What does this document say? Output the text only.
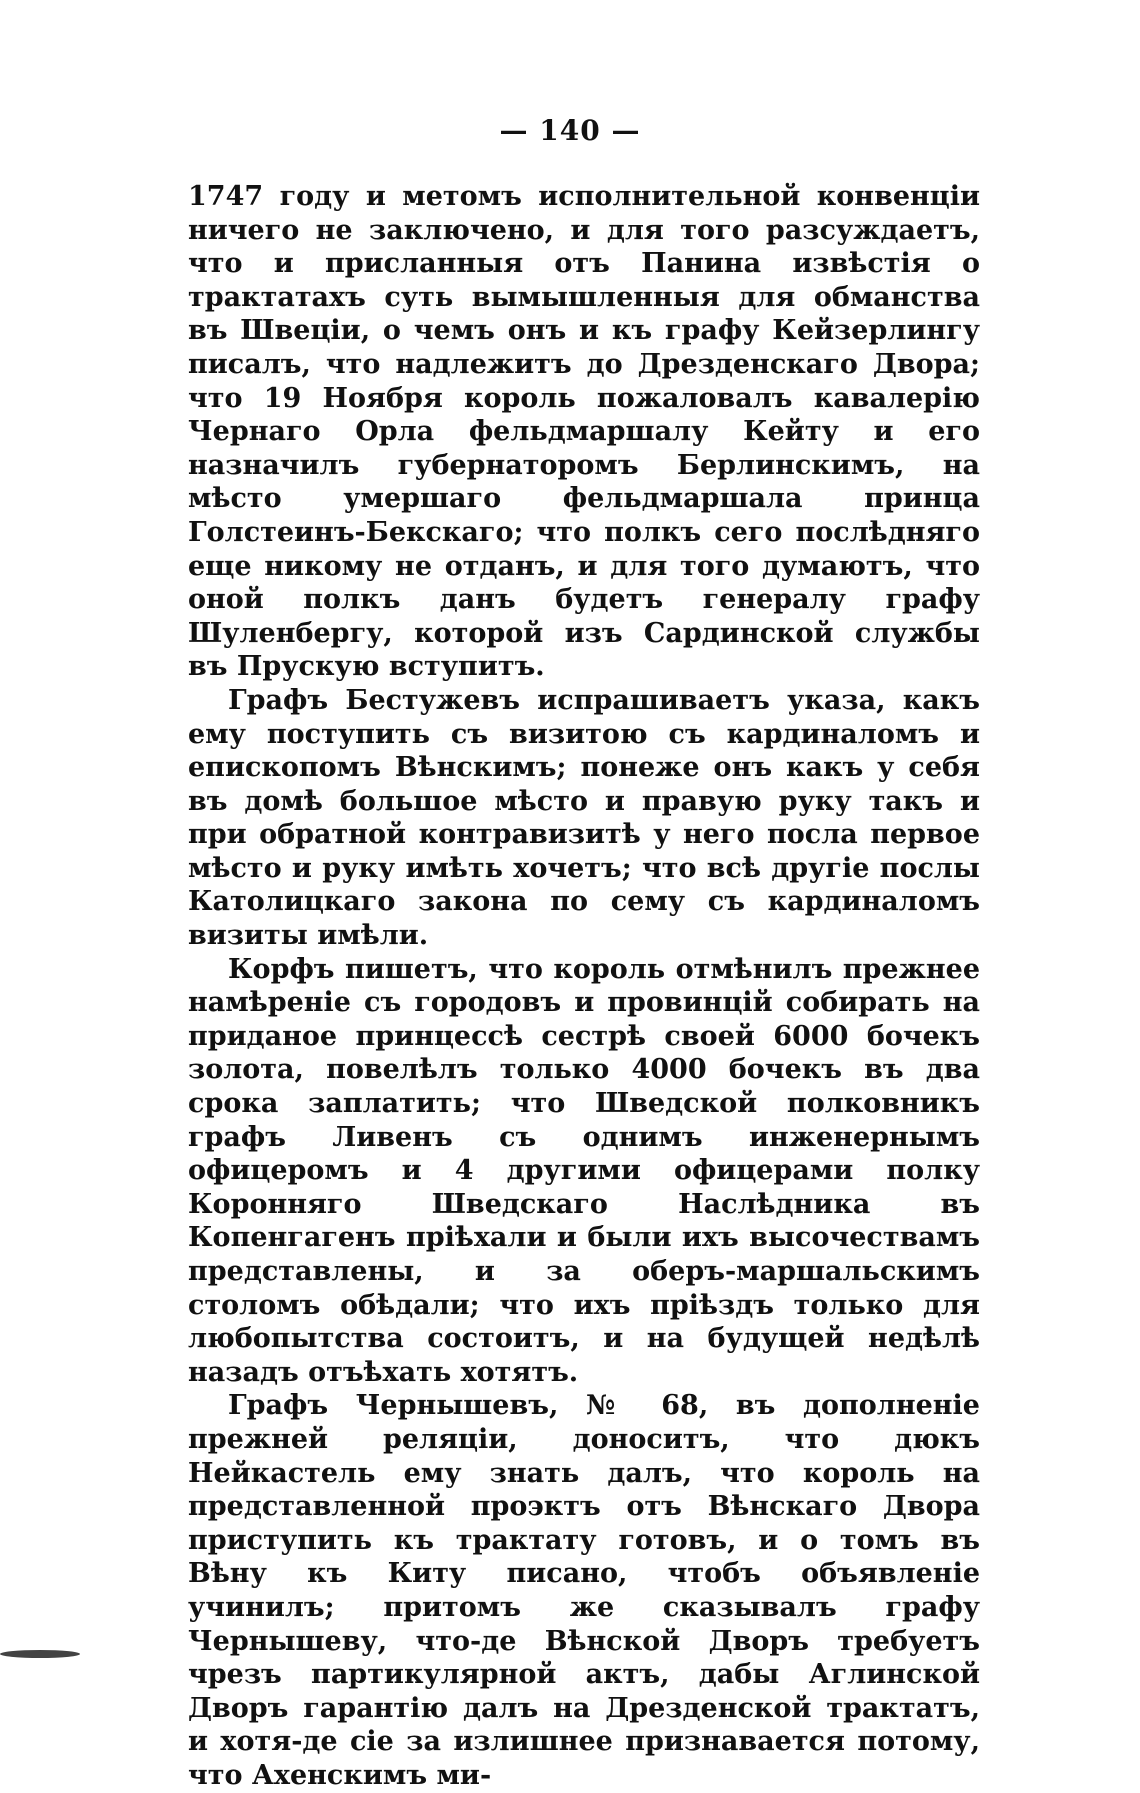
— 140 —

1747 году и метомъ исполнительной конвенціи ничего не заключено, и для того разсуждаетъ, что и присланныя отъ Панина извѣстія о трактатахъ суть вымышленныя для обманства въ Швеціи, о чемъ онъ и къ графу Кейзерлингу писалъ, что надлежитъ до Дрезденскаго Двора; что 19 Ноября король пожаловалъ кавалерію Чернаго Орла фельдмаршалу Кейту и его назначилъ губернаторомъ Берлинскимъ, на мѣсто умершаго фельдмаршала принца Голстеинъ-Бекскаго; что полкъ сего послѣдняго еще никому не отданъ, и для того думаютъ, что оной полкъ данъ будетъ генералу графу Шуленбергу, которой изъ Сардинской службы въ Прускую вступитъ.

Графъ Бестужевъ испрашиваетъ указа, какъ ему поступить съ визитою съ кардиналомъ и епископомъ Вѣнскимъ; понеже онъ какъ у себя въ домѣ большое мѣсто и правую руку такъ и при обратной контравизитѣ у него посла первое мѣсто и руку имѣть хочетъ; что всѣ другіе послы Католицкаго закона по сему съ кардиналомъ визиты имѣли.

Корфъ пишетъ, что король отмѣнилъ прежнее намѣреніе съ городовъ и провинцій собирать на приданое принцессѣ сестрѣ своей 6000 бочекъ золота, повелѣлъ только 4000 бочекъ въ два срока заплатить; что Шведской полковникъ графъ Ливенъ съ однимъ инженернымъ офицеромъ и 4 другими офицерами полку Коронняго Шведскаго Наслѣдника въ Копенгагенъ пріѣхали и были ихъ высочествамъ представлены, и за оберъ-маршальскимъ столомъ обѣдали; что ихъ пріѣздъ только для любопытства состоитъ, и на будущей недѣлѣ назадъ отъѣхать хотятъ.

Графъ Чернышевъ, № 68, въ дополненіе прежней реляціи, доноситъ, что дюкъ Нейкастель ему знать далъ, что король на представленной проэктъ отъ Вѣнскаго Двора приступить къ трактату готовъ, и о томъ въ Вѣну къ Киту писано, чтобъ объявленіе учинилъ; притомъ же сказывалъ графу Чернышеву, что-де Вѣнской Дворъ требуетъ чрезъ партикулярной актъ, дабы Аглинской Дворъ гарантію далъ на Дрезденской трактатъ, и хотя-де сіе за излишнее признавается потому, что Ахенскимъ ми-
